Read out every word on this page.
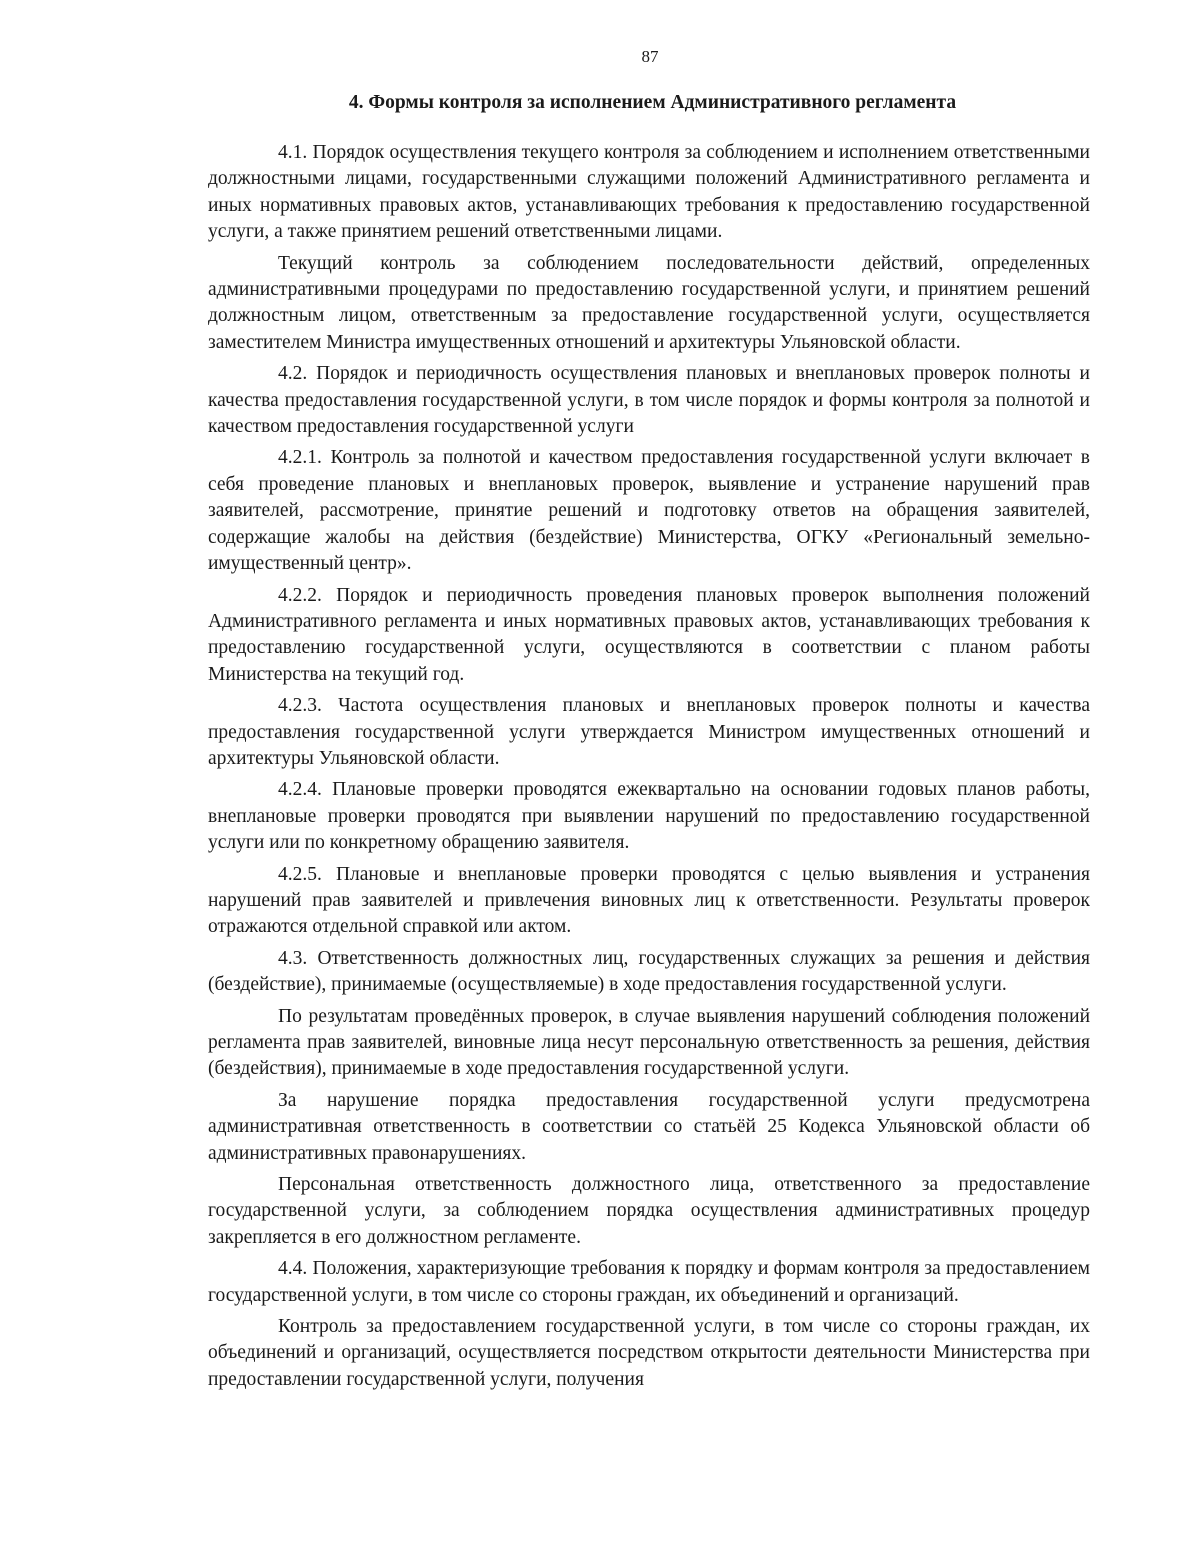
87
4. Формы контроля за исполнением Административного регламента

4.1. Порядок осуществления текущего контроля за соблюдением и исполнением ответственными должностными лицами, государственными служащими положений Административного регламента и иных нормативных правовых актов, устанавливающих требования к предоставлению государственной услуги, а также принятием решений ответственными лицами.

Текущий контроль за соблюдением последовательности действий, определенных административными процедурами по предоставлению государственной услуги, и принятием решений должностным лицом, ответственным за предоставление государственной услуги, осуществляется заместителем Министра имущественных отношений и архитектуры Ульяновской области.

4.2. Порядок и периодичность осуществления плановых и внеплановых проверок полноты и качества предоставления государственной услуги, в том числе порядок и формы контроля за полнотой и качеством предоставления государственной услуги

4.2.1. Контроль за полнотой и качеством предоставления государственной услуги включает в себя проведение плановых и внеплановых проверок, выявление и устранение нарушений прав заявителей, рассмотрение, принятие решений и подготовку ответов на обращения заявителей, содержащие жалобы на действия (бездействие) Министерства, ОГКУ «Региональный земельно-имущественный центр».

4.2.2. Порядок и периодичность проведения плановых проверок выполнения положений Административного регламента и иных нормативных правовых актов, устанавливающих требования к предоставлению государственной услуги, осуществляются в соответствии с планом работы Министерства на текущий год.

4.2.3. Частота осуществления плановых и внеплановых проверок полноты и качества предоставления государственной услуги утверждается Министром имущественных отношений и архитектуры Ульяновской области.

4.2.4. Плановые проверки проводятся ежеквартально на основании годовых планов работы, внеплановые проверки проводятся при выявлении нарушений по предоставлению государственной услуги или по конкретному обращению заявителя.

4.2.5. Плановые и внеплановые проверки проводятся с целью выявления и устранения нарушений прав заявителей и привлечения виновных лиц к ответственности. Результаты проверок отражаются отдельной справкой или актом.

4.3. Ответственность должностных лиц, государственных служащих за решения и действия (бездействие), принимаемые (осуществляемые) в ходе предоставления государственной услуги.

По результатам проведённых проверок, в случае выявления нарушений соблюдения положений регламента прав заявителей, виновные лица несут персональную ответственность за решения, действия (бездействия), принимаемые в ходе предоставления государственной услуги.

За нарушение порядка предоставления государственной услуги предусмотрена административная ответственность в соответствии со статьёй 25 Кодекса Ульяновской области об административных правонарушениях.

Персональная ответственность должностного лица, ответственного за предоставление государственной услуги, за соблюдением порядка осуществления административных процедур закрепляется в его должностном регламенте.

4.4. Положения, характеризующие требования к порядку и формам контроля за предоставлением государственной услуги, в том числе со стороны граждан, их объединений и организаций.

Контроль за предоставлением государственной услуги, в том числе со стороны граждан, их объединений и организаций, осуществляется посредством открытости деятельности Министерства при предоставлении государственной услуги, получения
